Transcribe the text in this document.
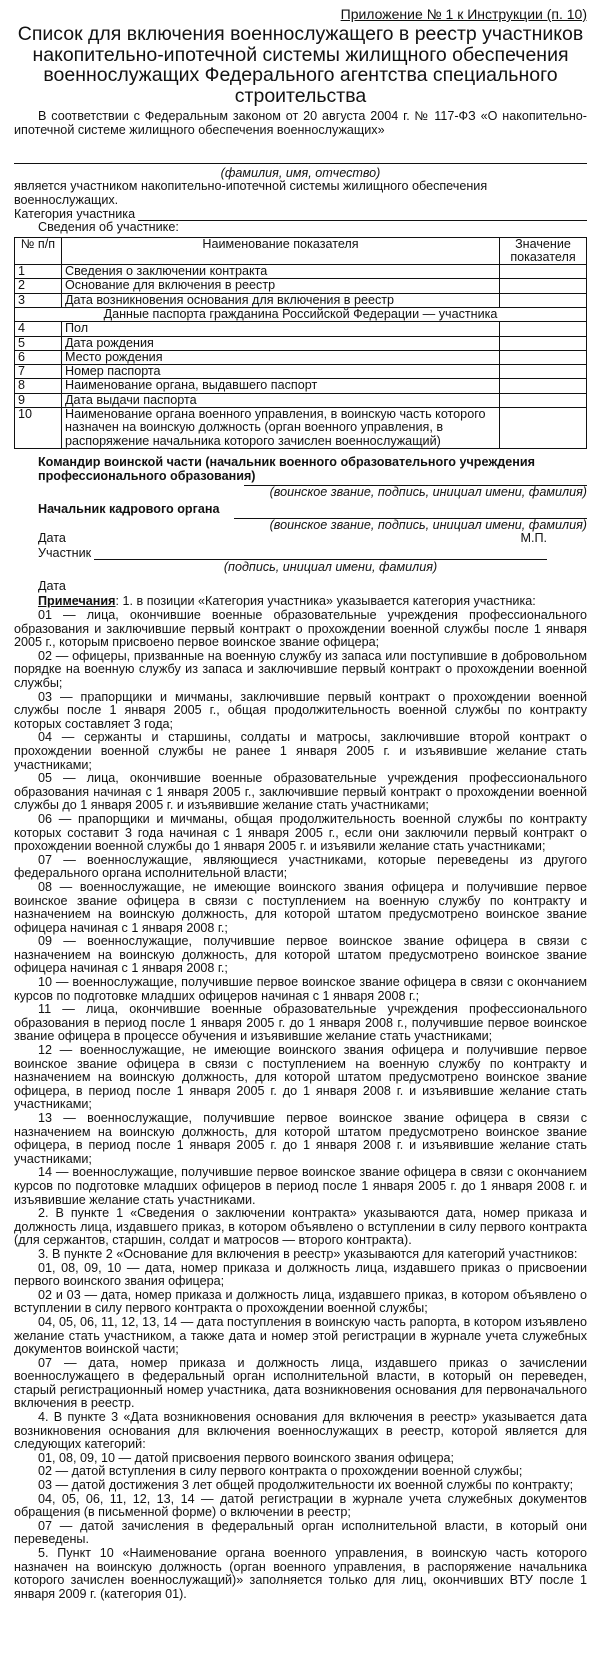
Приложение № 1 к Инструкции (п. 10)
Список для включения военнослужащего в реестр участников накопительно-ипотечной системы жилищного обеспечения военнослужащих Федерального агентства специального строительства

В соответствии с Федеральным законом от 20 августа 2004 г. № 117-ФЗ «О накопительно-ипотечной системе жилищного обеспечения военнослужащих»

(фамилия, имя, отчество)

является участником накопительно-ипотечной системы жилищного обеспечения военнослужащих.

Категория участника
Сведения об участнике:
№ п/п	Наименование показателя	Значение показателя
1	Сведения о заключении контракта	
2	Основание для включения в реестр	
3	Дата возникновения основания для включения в реестр	
Данные паспорта гражданина Российской Федерации — участника		
4	Пол	
5	Дата рождения	
6	Место рождения	
7	Номер паспорта	
8	Наименование органа, выдавшего паспорт	
9	Дата выдачи паспорта	
10	Наименование органа военного управления, в воинскую часть которого назначен на воинскую должность (орган военного управления, в распоряжение начальника которого зачислен военнослужащий)	
Командир воинской части (начальник военного образовательного учреждения профессионального образования)
(воинское звание, подпись, инициал имени, фамилия)
Начальник кадрового органа
(воинское звание, подпись, инициал имени, фамилия)
Дата	М.П.
Участник
(подпись, инициал имени, фамилия)
Дата

Примечания: 1. в позиции «Категория участника» указывается категория участника:

01 — лица, окончившие военные образовательные учреждения профессионального образования и заключившие первый контракт о прохождении военной службы после 1 января 2005 г., которым присвоено первое воинское звание офицера;

02 — офицеры, призванные на военную службу из запаса или поступившие в добровольном порядке на военную службу из запаса и заключившие первый контракт о прохождении военной службы;

03 — прапорщики и мичманы, заключившие первый контракт о прохождении военной службы после 1 января 2005 г., общая продолжительность военной службы по контракту которых составляет 3 года;

04 — сержанты и старшины, солдаты и матросы, заключившие второй контракт о прохождении военной службы не ранее 1 января 2005 г. и изъявившие желание стать участниками;

05 — лица, окончившие военные образовательные учреждения профессионального образования начиная с 1 января 2005 г., заключившие первый контракт о прохождении военной службы до 1 января 2005 г. и изъявившие желание стать участниками;

06 — прапорщики и мичманы, общая продолжительность военной службы по контракту которых составит 3 года начиная с 1 января 2005 г., если они заключили первый контракт о прохождении военной службы до 1 января 2005 г. и изъявили желание стать участниками;

07 — военнослужащие, являющиеся участниками, которые переведены из другого федерального органа исполнительной власти;

08 — военнослужащие, не имеющие воинского звания офицера и получившие первое воинское звание офицера в связи с поступлением на военную службу по контракту и назначением на воинскую должность, для которой штатом предусмотрено воинское звание офицера начиная с 1 января 2008 г.;

09 — военнослужащие, получившие первое воинское звание офицера в связи с назначением на воинскую должность, для которой штатом предусмотрено воинское звание офицера начиная с 1 января 2008 г.;

10 — военнослужащие, получившие первое воинское звание офицера в связи с окончанием курсов по подготовке младших офицеров начиная с 1 января 2008 г.;

11 — лица, окончившие военные образовательные учреждения профессионального образования в период после 1 января 2005 г. до 1 января 2008 г., получившие первое воинское звание офицера в процессе обучения и изъявившие желание стать участниками;

12 — военнослужащие, не имеющие воинского звания офицера и получившие первое воинское звание офицера в связи с поступлением на военную службу по контракту и назначением на воинскую должность, для которой штатом предусмотрено воинское звание офицера, в период после 1 января 2005 г. до 1 января 2008 г. и изъявившие желание стать участниками;

13 — военнослужащие, получившие первое воинское звание офицера в связи с назначением на воинскую должность, для которой штатом предусмотрено воинское звание офицера, в период после 1 января 2005 г. до 1 января 2008 г. и изъявившие желание стать участниками;

14 — военнослужащие, получившие первое воинское звание офицера в связи с окончанием курсов по подготовке младших офицеров в период после 1 января 2005 г. до 1 января 2008 г. и изъявившие желание стать участниками.

2. В пункте 1 «Сведения о заключении контракта» указываются дата, номер приказа и должность лица, издавшего приказ, в котором объявлено о вступлении в силу первого контракта (для сержантов, старшин, солдат и матросов — второго контракта).

3. В пункте 2 «Основание для включения в реестр» указываются для категорий участников:

01, 08, 09, 10 — дата, номер приказа и должность лица, издавшего приказ о присвоении первого воинского звания офицера;

02 и 03 — дата, номер приказа и должность лица, издавшего приказ, в котором объявлено о вступлении в силу первого контракта о прохождении военной службы;

04, 05, 06, 11, 12, 13, 14 — дата поступления в воинскую часть рапорта, в котором изъявлено желание стать участником, а также дата и номер этой регистрации в журнале учета служебных документов воинской части;

07 — дата, номер приказа и должность лица, издавшего приказ о зачислении военнослужащего в федеральный орган исполнительной власти, в который он переведен, старый регистрационный номер участника, дата возникновения основания для первоначального включения в реестр.

4. В пункте 3 «Дата возникновения основания для включения в реестр» указывается дата возникновения основания для включения военнослужащих в реестр, которой является для следующих категорий:

01, 08, 09, 10 — датой присвоения первого воинского звания офицера;

02 — датой вступления в силу первого контракта о прохождении военной службы;

03 — датой достижения 3 лет общей продолжительности их военной службы по контракту;

04, 05, 06, 11, 12, 13, 14 — датой регистрации в журнале учета служебных документов обращения (в письменной форме) о включении в реестр;

07 — датой зачисления в федеральный орган исполнительной власти, в который они переведены.

5. Пункт 10 «Наименование органа военного управления, в воинскую часть которого назначен на воинскую должность (орган военного управления, в распоряжение начальника которого зачислен военнослужащий)» заполняется только для лиц, окончивших ВТУ после 1 января 2009 г. (категория 01).
